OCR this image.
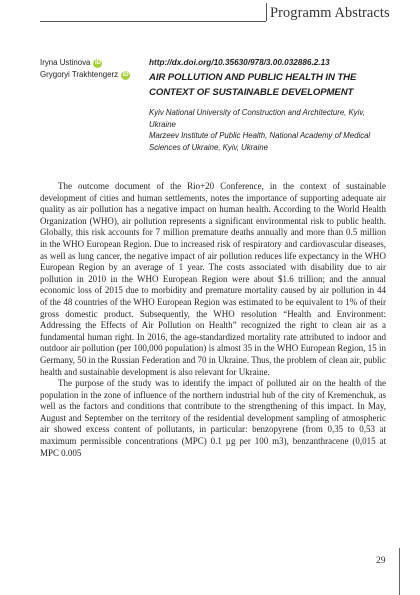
Programm Abstracts
Iryna Ustinova iD
Grygoryi Trakhtengerz iD
http://dx.doi.org/10.35630/978/3.00.032886.2.13
AIR POLLUTION AND PUBLIC HEALTH IN THE CONTEXT OF SUSTAINABLE DEVELOPMENT
Kyiv National University of Construction and Architecture, Kyiv, Ukraine
Marzeev Institute of Public Health, National Academy of Medical Sciences of Ukraine, Kyiv, Ukraine

The outcome document of the Rio+20 Conference, in the context of sustainable development of cities and human settlements, notes the importance of supporting adequate air quality as air pollution has a negative impact on human health. According to the World Health Organization (WHO), air pollution represents a significant environmental risk to public health. Globally, this risk accounts for 7 million premature deaths annually and more than 0.5 million in the WHO European Region. Due to increased risk of respiratory and cardiovascular diseases, as well as lung cancer, the negative impact of air pollution reduces life expectancy in the WHO European Region by an average of 1 year. The costs associated with disability due to air pollution in 2010 in the WHO European Region were about $1.6 trillion; and the annual economic loss of 2015 due to morbidity and premature mortality caused by air pollution in 44 of the 48 countries of the WHO European Region was estimated to be equivalent to 1% of their gross domestic product. Subsequently, the WHO resolution “Health and Environment: Addressing the Effects of Air Pollution on Health” recognized the right to clean air as a fundamental human right. In 2016, the age-standardized mortality rate attributed to indoor and outdoor air pollution (per 100,000 population) is almost 35 in the WHO European Region, 15 in Germany, 50 in the Russian Federation and 70 in Ukraine. Thus, the problem of clean air, public health and sustainable development is also relevant for Ukraine.

The purpose of the study was to identify the impact of polluted air on the health of the population in the zone of influence of the northern industrial hub of the city of Kremenchuk, as well as the factors and conditions that contribute to the strengthening of this impact. In May, August and September on the territory of the residential development sampling of atmospheric air showed excess content of pollutants, in particular: benzopyrene (from 0,35 to 0,53 at maximum permissible concentrations (MPC) 0.1 µg per 100 m3), benzanthracene (0,015 at MPC 0.005

29
